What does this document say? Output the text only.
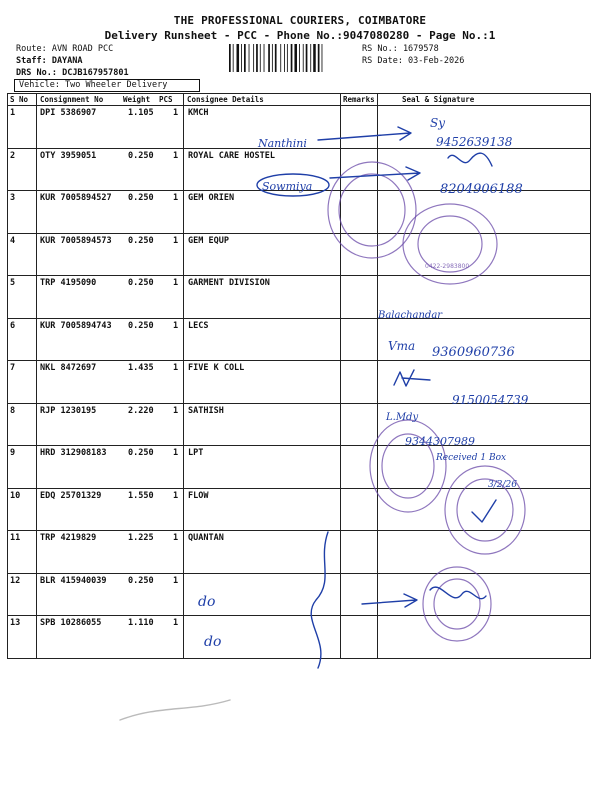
THE PROFESSIONAL COURIERS, COIMBATORE
Delivery Runsheet - PCC - Phone No.:9047080280 - Page No.:1
Route: AVN ROAD PCC
Staff: DAYANA
DRS No.: DCJB167957801
RS No.: 1679578
RS Date: 03-Feb-2026
Vehicle: Two Wheeler Delivery
S No Consignment No	Weight PCS Consignee Details	Remarks	Seal & Signature
1	DPI 5386907	1.105 1 KMCH
2	OTY 3959051	0.250 1 ROYAL CARE HOSTEL
3	KUR 7005894527 0.250 1 GEM ORIEN
4	KUR 7005894573 0.250 1 GEM EQUP
5	TRP 4195090	0.250 1 GARMENT DIVISION
6	KUR 7005894743 0.250 1 LECS
7	NKL 8472697	1.435 1 FIVE K COLL
8	RJP 1230195	2.220 1 SATHISH
9	HRD 312908183	0.250 1 LPT
10 EDQ 25701329	1.550 1 FLOW
11 TRP 4219829	1.225 1 QUANTAN
12 BLR 415940039	0.250 1
13 SPB 10286055	1.110 1
0422-2983800
Nanthini
Sy
9452639138
Sowmiya	8204906188
Balachandar
Vma 9360960736
9150054739
L.Mdy
9344307989
Received 1 Box
3/2/26
do
do
